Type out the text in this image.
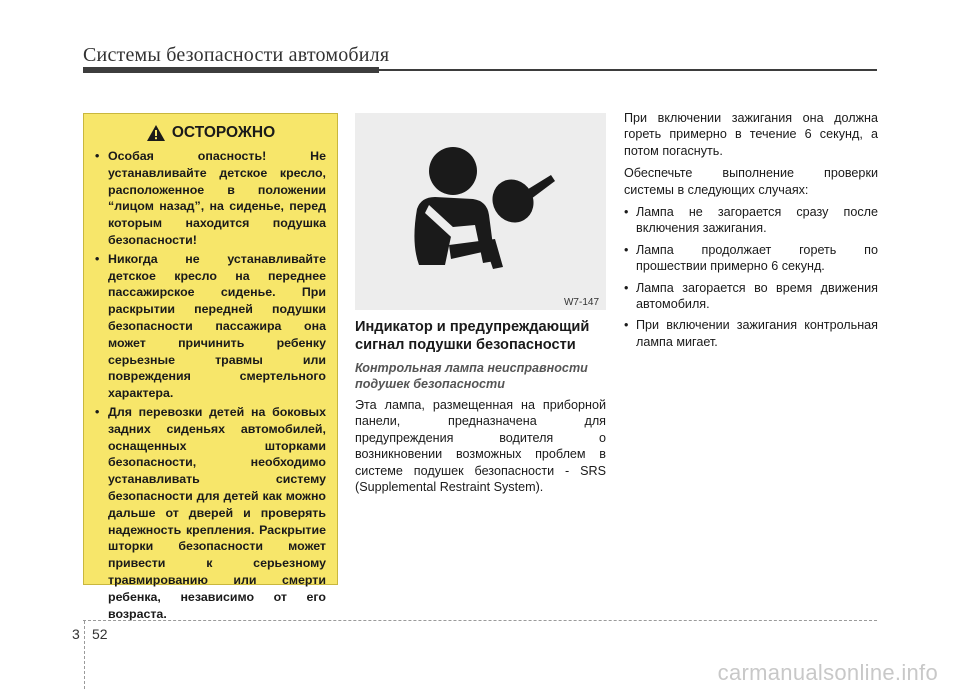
Системы безопасности автомобиля
ОСТОРОЖНО
• Особая опасность! Не устанавливайте детское кресло, расположенное в положении “лицом назад”, на сиденье, перед которым находится подушка безопасности!
• Никогда не устанавливайте детское кресло на переднее пассажирское сиденье. При раскрытии передней подушки безопасности пассажира она может причинить ребенку серьезные травмы или повреждения смертельного характера.
• Для перевозки детей на боковых задних сиденьях автомобилей, оснащенных шторками безопасности, необходимо устанавливать систему безопасности для детей как можно дальше от дверей и проверять надежность крепления. Раскрытие шторки безопасности может привести к серьезному травмированию или смерти ребенка, независимо от его возраста.
W7-147
Индикатор и предупреждающий сигнал подушки безопасности
Контрольная лампа неисправности подушек безопасности

Эта лампа, размещенная на приборной панели, предназначена для предупреждения водителя о возникновении возможных проблем в системе подушек безопасности - SRS (Supplemental Restraint System).

При включении зажигания она должна гореть примерно в течение 6 секунд, а потом погаснуть.

Обеспечьте выполнение проверки системы в следующих случаях:

• Лампа не загорается сразу после включения зажигания.
• Лампа продолжает гореть по прошествии примерно 6 секунд.
• Лампа загорается во время движения автомобиля.
• При включении зажигания контрольная лампа мигает.
3 52
carmanualsonline.info
